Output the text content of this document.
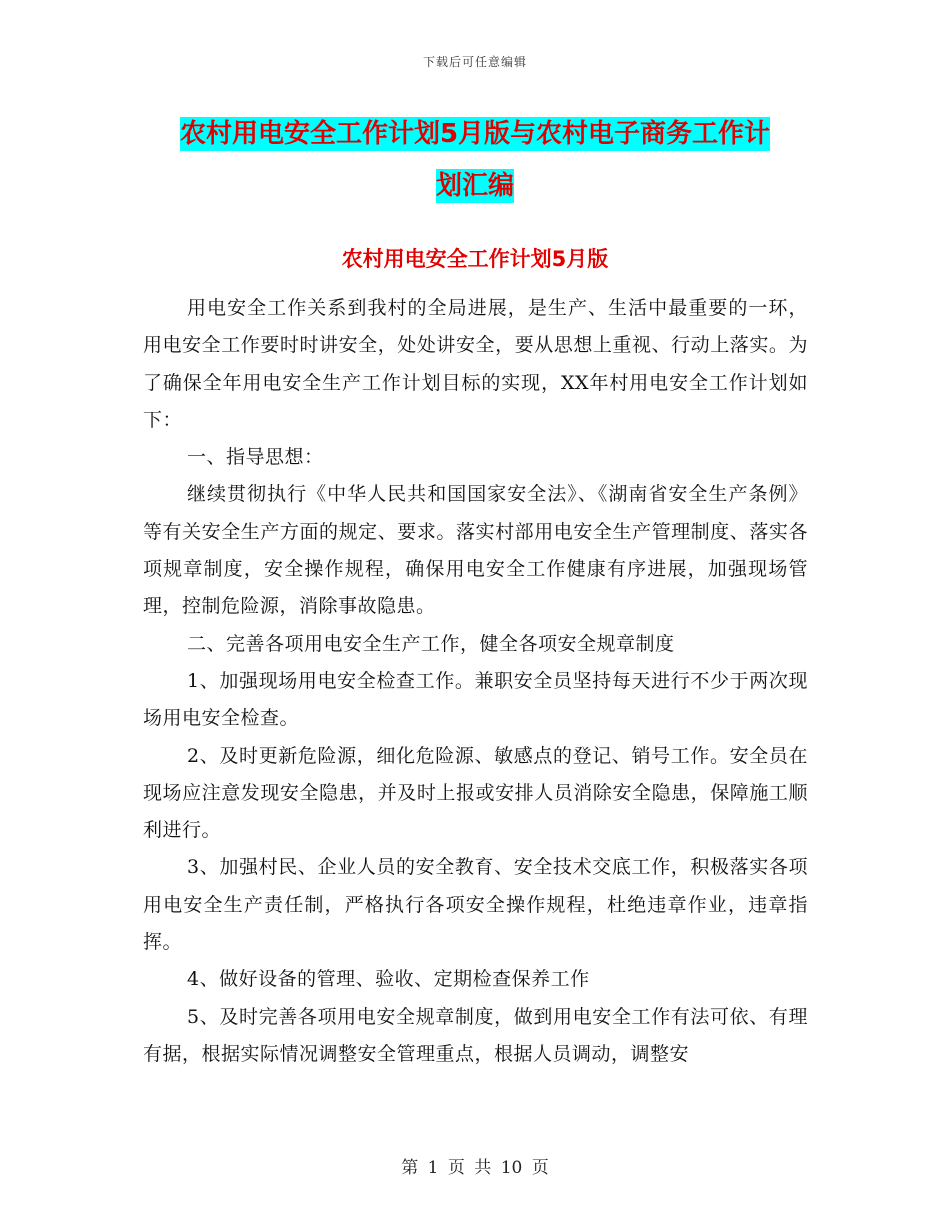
下载后可任意编辑
农村用电安全工作计划5月版与农村电子商务工作计
划汇编
农村用电安全工作计划5月版

用电安全工作关系到我村的全局进展，是生产、生活中最重要的一环，用电安全工作要时时讲安全，处处讲安全，要从思想上重视、行动上落实。为了确保全年用电安全生产工作计划目标的实现，XX年村用电安全工作计划如下：

一、指导思想：

继续贯彻执行《中华人民共和国国家安全法》、《湖南省安全生产条例》等有关安全生产方面的规定、要求。落实村部用电安全生产管理制度、落实各项规章制度，安全操作规程，确保用电安全工作健康有序进展，加强现场管理，控制危险源，消除事故隐患。

二、完善各项用电安全生产工作，健全各项安全规章制度

1、加强现场用电安全检查工作。兼职安全员坚持每天进行不少于两次现场用电安全检查。

2、及时更新危险源，细化危险源、敏感点的登记、销号工作。安全员在现场应注意发现安全隐患，并及时上报或安排人员消除安全隐患，保障施工顺利进行。

3、加强村民、企业人员的安全教育、安全技术交底工作，积极落实各项用电安全生产责任制，严格执行各项安全操作规程，杜绝违章作业，违章指挥。

4、做好设备的管理、验收、定期检查保养工作

5、及时完善各项用电安全规章制度，做到用电安全工作有法可依、有理有据，根据实际情况调整安全管理重点，根据人员调动，调整安

第 1 页 共 10 页
